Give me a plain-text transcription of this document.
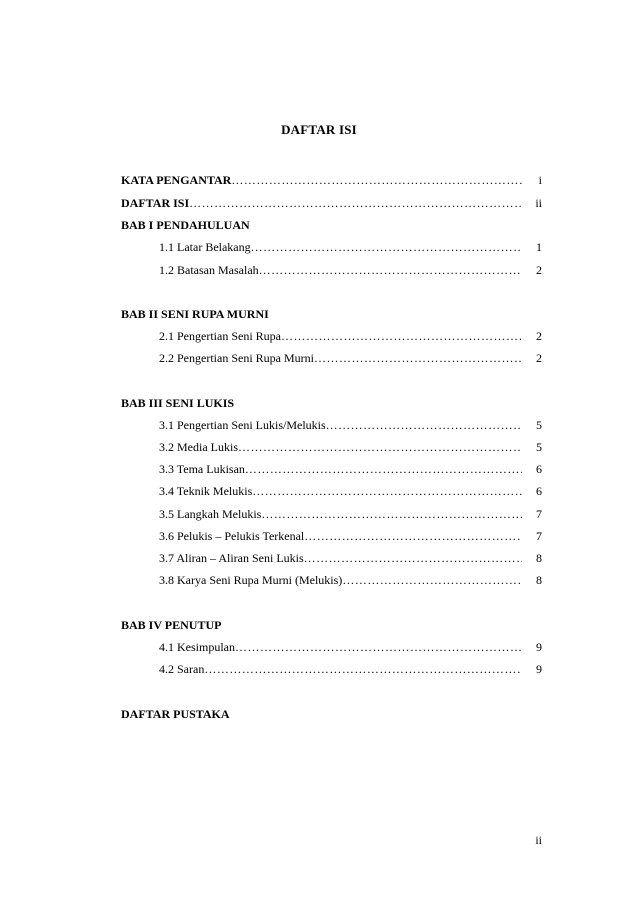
DAFTAR ISI
KATA PENGANTAR ………………………………………………………………………………………………………………………………………………	i
DAFTAR ISI ………………………………………………………………………………………………………………………………………………	ii
BAB I PENDAHULUAN
1.1 Latar Belakang ………………………………………………………………………………………………………………………………………………	1
1.2 Batasan Masalah ………………………………………………………………………………………………………………………………………………	2
BAB II SENI RUPA MURNI
2.1 Pengertian Seni Rupa ………………………………………………………………………………………………………………………………………………	2
2.2 Pengertian Seni Rupa Murni ………………………………………………………………………………………………………………………………………………	2
BAB III SENI LUKIS
3.1 Pengertian Seni Lukis/Melukis ………………………………………………………………………………………………………………………………………………	5
3.2 Media Lukis ………………………………………………………………………………………………………………………………………………	5
3.3 Tema Lukisan ………………………………………………………………………………………………………………………………………………	6
3.4 Teknik Melukis ………………………………………………………………………………………………………………………………………………	6
3.5 Langkah Melukis ………………………………………………………………………………………………………………………………………………	7
3.6 Pelukis – Pelukis Terkenal ………………………………………………………………………………………………………………………………………………	7
3.7 Aliran – Aliran Seni Lukis ………………………………………………………………………………………………………………………………………………	8
3.8 Karya Seni Rupa Murni (Melukis) ………………………………………………………………………………………………………………………………………………	8
BAB IV PENUTUP
4.1 Kesimpulan ………………………………………………………………………………………………………………………………………………	9
4.2 Saran ………………………………………………………………………………………………………………………………………………	9
DAFTAR PUSTAKA
ii
